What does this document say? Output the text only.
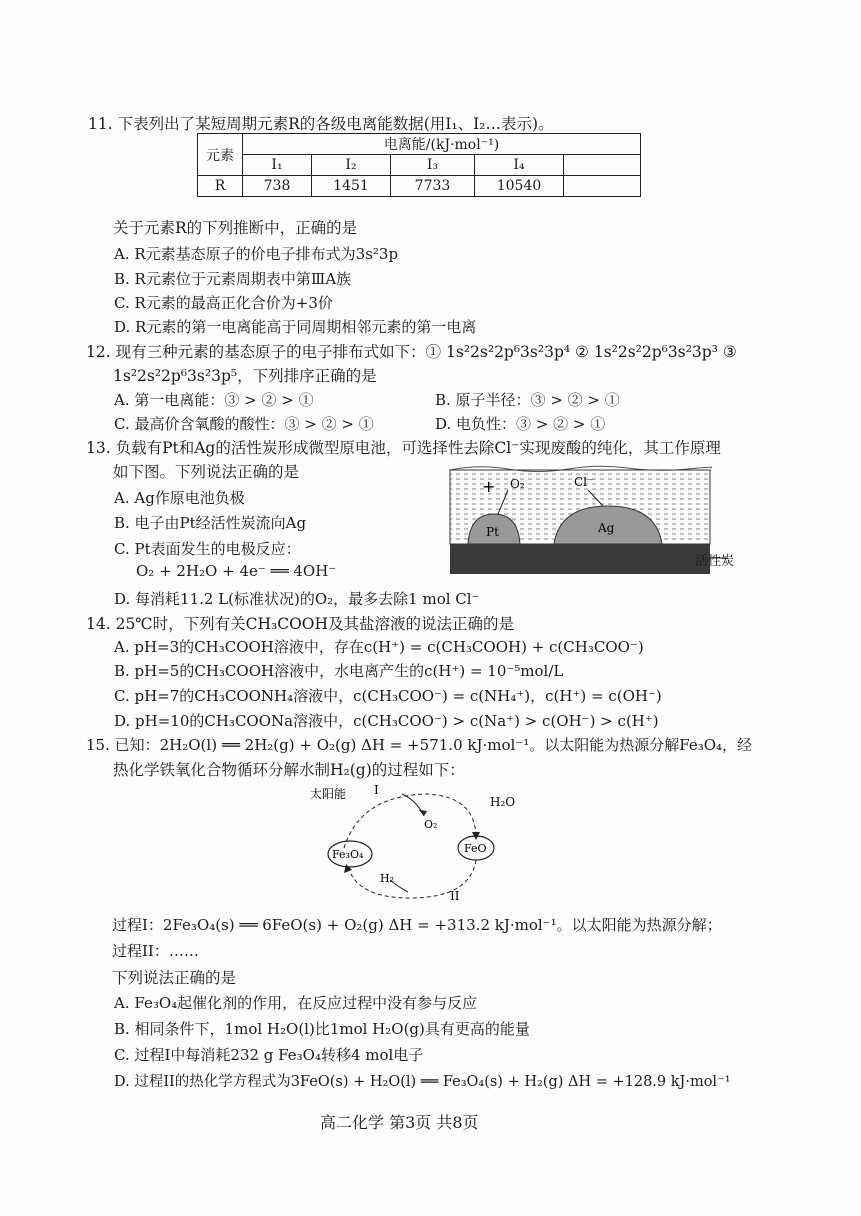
11. 下表列出了某短周期元素R的各级电离能数据(用I₁、I₂…表示)。
元素	电离能/(kJ·mol⁻¹)				
	I₁	I₂	I₃	I₄	
R	738	1451	7733	10540	
关于元素R的下列推断中，正确的是
A. R元素基态原子的价电子排布式为3s²3p
B. R元素位于元素周期表中第ⅢA族
C. R元素的最高正化合价为+3价
D. R元素的第一电离能高于同周期相邻元素的第一电离
12. 现有三种元素的基态原子的电子排布式如下：① 1s²2s²2p⁶3s²3p⁴ ② 1s²2s²2p⁶3s²3p³ ③
1s²2s²2p⁶3s²3p⁵，下列排序正确的是
A. 第一电离能：③ > ② > ①	B. 原子半径：③ > ② > ①
C. 最高价含氧酸的酸性：③ > ② > ①	D. 电负性：③ > ② > ①
13. 负载有Pt和Ag的活性炭形成微型原电池，可选择性去除Cl⁻实现废酸的纯化，其工作原理
如下图。下列说法正确的是
A. Ag作原电池负极
B. 电子由Pt经活性炭流向Ag
C. Pt表面发生的电极反应：
O₂ + 2H₂O + 4e⁻ ══ 4OH⁻
D. 每消耗11.2 L(标准状况)的O₂，最多去除1 mol Cl⁻
+ O₂	Cl⁻
Pt	Ag
活性炭
14. 25℃时，下列有关CH₃COOH及其盐溶液的说法正确的是
A. pH=3的CH₃COOH溶液中，存在c(H⁺) = c(CH₃COOH) + c(CH₃COO⁻)
B. pH=5的CH₃COOH溶液中，水电离产生的c(H⁺) = 10⁻⁵mol/L
C. pH=7的CH₃COONH₄溶液中，c(CH₃COO⁻) = c(NH₄⁺)，c(H⁺) = c(OH⁻)
D. pH=10的CH₃COONa溶液中，c(CH₃COO⁻) > c(Na⁺) > c(OH⁻) > c(H⁺)
15. 已知：2H₂O(l) ══ 2H₂(g) + O₂(g) ΔH = +571.0 kJ·mol⁻¹。以太阳能为热源分解Fe₃O₄，经
热化学铁氧化合物循环分解水制H₂(g)的过程如下：
太阳能 I
O₂
H₂O
Fe₃O₄	FeO
H₂
II
过程I：2Fe₃O₄(s) ══ 6FeO(s) + O₂(g) ΔH = +313.2 kJ·mol⁻¹。以太阳能为热源分解；
过程II：……
下列说法正确的是
A. Fe₃O₄起催化剂的作用，在反应过程中没有参与反应
B. 相同条件下，1mol H₂O(l)比1mol H₂O(g)具有更高的能量
C. 过程I中每消耗232 g Fe₃O₄转移4 mol电子
D. 过程II的热化学方程式为3FeO(s) + H₂O(l) ══ Fe₃O₄(s) + H₂(g) ΔH = +128.9 kJ·mol⁻¹
高二化学 第3页 共8页
